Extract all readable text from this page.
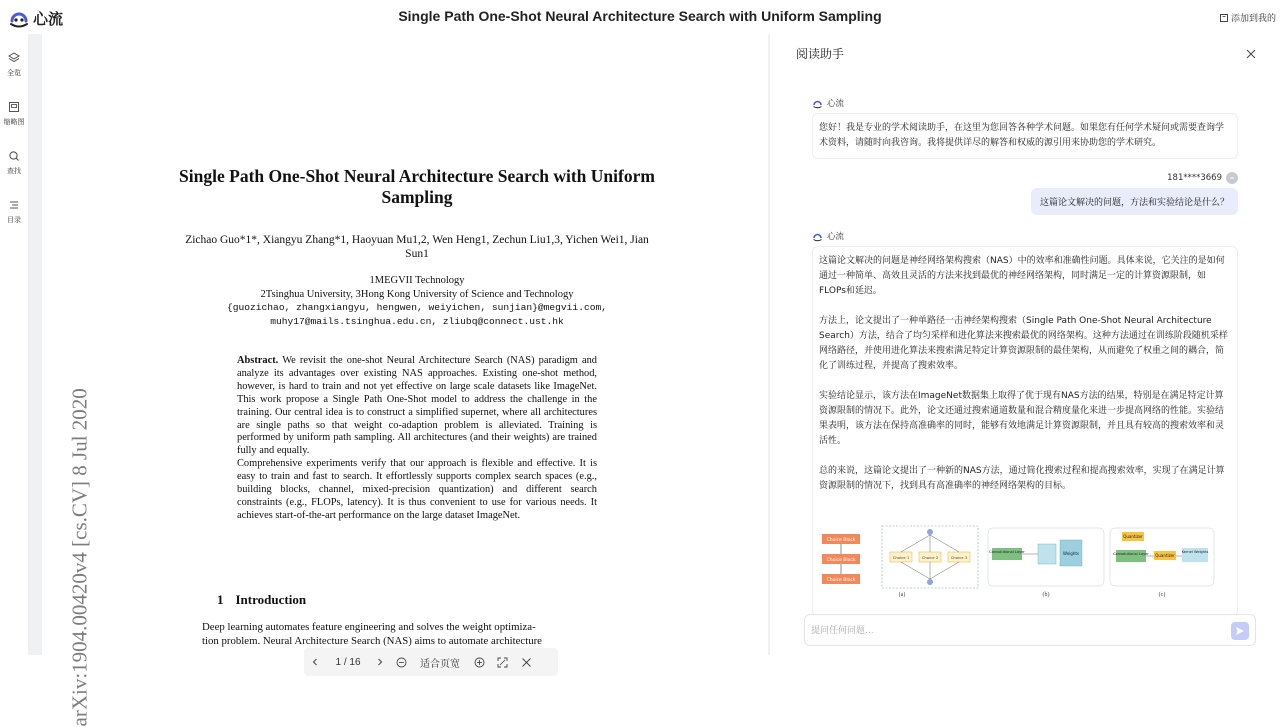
心流	Single Path One-Shot Neural Architecture Search with Uniform Sampling	添加到我的
全览
缩略图
查找
目录
arXiv:1904.00420v4 [cs.CV] 8 Jul 2020
Single Path One-Shot Neural Architecture Search with Uniform Sampling
Zichao Guo*1*, Xiangyu Zhang*1, Haoyuan Mu1,2, Wen Heng1, Zechun Liu1,3, Yichen Wei1, Jian Sun1
1MEGVII Technology
2Tsinghua University, 3Hong Kong University of Science and Technology
{guozichao, zhangxiangyu, hengwen, weiyichen, sunjian}@megvii.com,
muhy17@mails.tsinghua.edu.cn, zliubq@connect.ust.hk
Abstract. We revisit the one-shot Neural Architecture Search (NAS) paradigm and analyze its advantages over existing NAS approaches. Existing one-shot method, however, is hard to train and not yet effective on large scale datasets like ImageNet. This work propose a Single Path One-Shot model to address the challenge in the training. Our central idea is to construct a simplified supernet, where all architectures are single paths so that weight co-adaption problem is alleviated. Training is performed by uniform path sampling. All architectures (and their weights) are trained fully and equally.
Comprehensive experiments verify that our approach is flexible and effective. It is easy to train and fast to search. It effortlessly supports complex search spaces (e.g., building blocks, channel, mixed-precision quantization) and different search constraints (e.g., FLOPs, latency). It is thus convenient to use for various needs. It achieves start-of-the-art performance on the large dataset ImageNet.
1 Introduction
Deep learning automates feature engineering and solves the weight optimiza-
tion problem. Neural Architecture Search (NAS) aims to automate architecture
1 / 16	适合页宽
阅读助手
心流

您好！我是专业的学术阅读助手，在这里为您回答各种学术问题。如果您有任何学术疑问或需要查询学术资料，请随时向我咨询。我将提供详尽的解答和权威的源引用来协助您的学术研究。

181****3669
这篇论文解决的问题，方法和实验结论是什么？
心流

这篇论文解决的问题是神经网络架构搜索（NAS）中的效率和准确性问题。具体来说，它关注的是如何通过一种简单、高效且灵活的方法来找到最优的神经网络架构，同时满足一定的计算资源限制，如FLOPs和延迟。

方法上，论文提出了一种单路径一击神经架构搜索（Single Path One-Shot Neural Architecture Search）方法，结合了均匀采样和进化算法来搜索最优的网络架构。这种方法通过在训练阶段随机采样网络路径，并使用进化算法来搜索满足特定计算资源限制的最佳架构，从而避免了权重之间的耦合，简化了训练过程，并提高了搜索效率。

实验结论显示，该方法在ImageNet数据集上取得了优于现有NAS方法的结果，特别是在满足特定计算资源限制的情况下。此外，论文还通过搜索通道数量和混合精度量化来进一步提高网络的性能。实验结果表明，该方法在保持高准确率的同时，能够有效地满足计算资源限制，并且具有较高的搜索效率和灵活性。

总的来说，这篇论文提出了一种新的NAS方法，通过简化搜索过程和提高搜索效率，实现了在满足计算资源限制的情况下，找到具有高准确率的神经网络架构的目标。

Choice Block
Choice Block
Choice Block
Choice 1	Choice 2	Choice 3
(a)
Convolutional Layer	Weights
(b)
Quantizer
Convolutional Layer Quantizer
Kernel Weights
(c)
提问任何问题...
